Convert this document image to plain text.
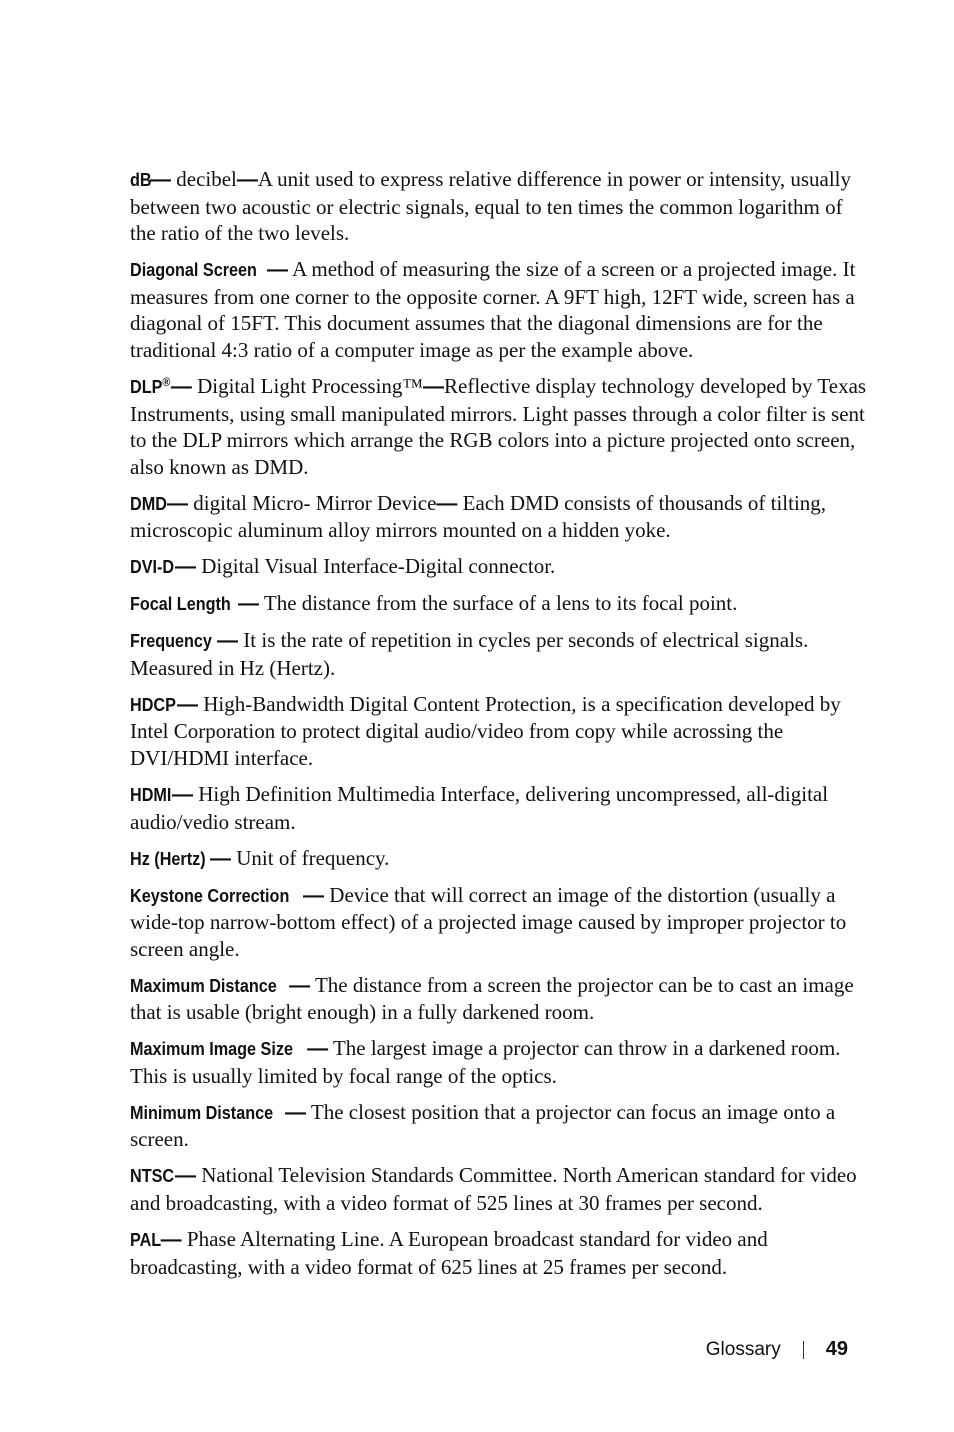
dB— decibel—A unit used to express relative difference in power or intensity, usually between two acoustic or electric signals, equal to ten times the common logarithm of the ratio of the two levels.

Diagonal Screen — A method of measuring the size of a screen or a projected image. It measures from one corner to the opposite corner. A 9FT high, 12FT wide, screen has a diagonal of 15FT. This document assumes that the diagonal dimensions are for the traditional 4:3 ratio of a computer image as per the example above.

DLP®— Digital Light Processing™—Reflective display technology developed by Texas Instruments, using small manipulated mirrors. Light passes through a color filter is sent to the DLP mirrors which arrange the RGB colors into a picture projected onto screen, also known as DMD.

DMD— digital Micro- Mirror Device— Each DMD consists of thousands of tilting, microscopic aluminum alloy mirrors mounted on a hidden yoke.

DVI-D— Digital Visual Interface-Digital connector.

Focal Length — The distance from the surface of a lens to its focal point.

Frequency — It is the rate of repetition in cycles per seconds of electrical signals. Measured in Hz (Hertz).

HDCP— High-Bandwidth Digital Content Protection, is a specification developed by Intel Corporation to protect digital audio/video from copy while acrossing the DVI/HDMI interface.

HDMI— High Definition Multimedia Interface, delivering uncompressed, all-digital audio/vedio stream.

Hz (Hertz) — Unit of frequency.

Keystone Correction — Device that will correct an image of the distortion (usually a wide-top narrow-bottom effect) of a projected image caused by improper projector to screen angle.

Maximum Distance — The distance from a screen the projector can be to cast an image that is usable (bright enough) in a fully darkened room.

Maximum Image Size — The largest image a projector can throw in a darkened room. This is usually limited by focal range of the optics.

Minimum Distance — The closest position that a projector can focus an image onto a screen.

NTSC— National Television Standards Committee. North American standard for video and broadcasting, with a video format of 525 lines at 30 frames per second.

PAL— Phase Alternating Line. A European broadcast standard for video and broadcasting, with a video format of 625 lines at 25 frames per second.

Glossary 49
